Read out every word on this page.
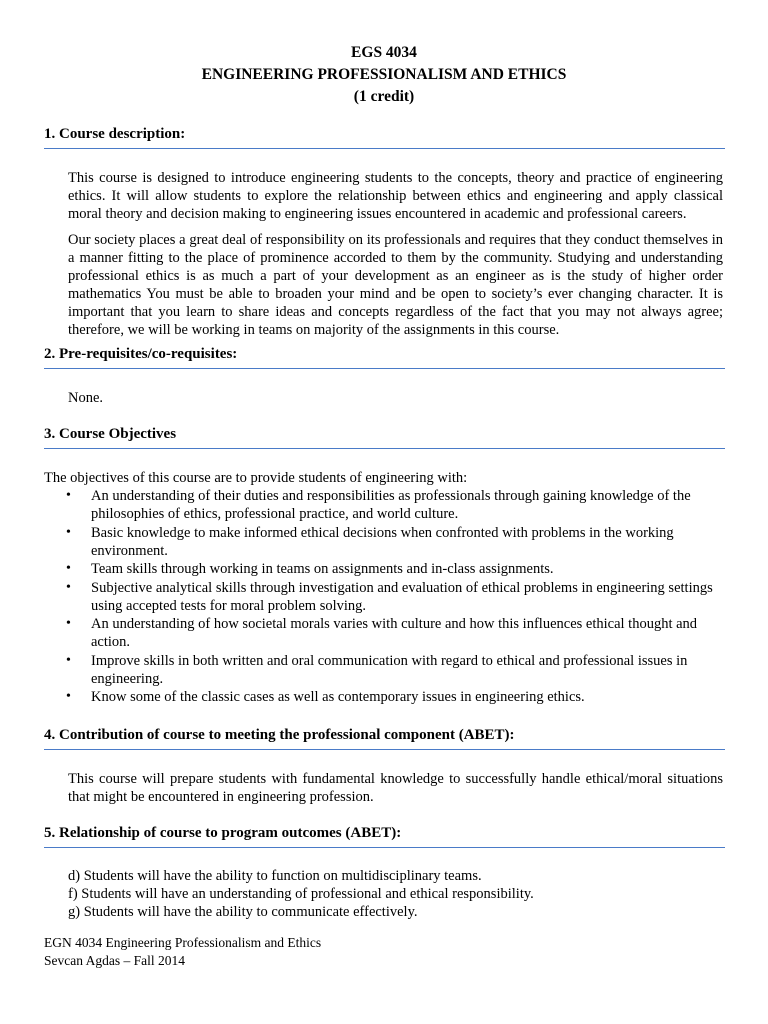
EGS 4034
ENGINEERING PROFESSIONALISM AND ETHICS
(1 credit)
1. Course description:
This course is designed to introduce engineering students to the concepts, theory and practice of engineering ethics. It will allow students to explore the relationship between ethics and engineering and apply classical moral theory and decision making to engineering issues encountered in academic and professional careers.
Our society places a great deal of responsibility on its professionals and requires that they conduct themselves in a manner fitting to the place of prominence accorded to them by the community. Studying and understanding professional ethics is as much a part of your development as an engineer as is the study of higher order mathematics You must be able to broaden your mind and be open to society’s ever changing character. It is important that you learn to share ideas and concepts regardless of the fact that you may not always agree; therefore, we will be working in teams on majority of the assignments in this course.
2. Pre-requisites/co-requisites:
None.
3. Course Objectives
The objectives of this course are to provide students of engineering with:
• An understanding of their duties and responsibilities as professionals through gaining knowledge of the philosophies of ethics, professional practice, and world culture.
• Basic knowledge to make informed ethical decisions when confronted with problems in the working environment.
• Team skills through working in teams on assignments and in-class assignments.
• Subjective analytical skills through investigation and evaluation of ethical problems in engineering settings using accepted tests for moral problem solving.
• An understanding of how societal morals varies with culture and how this influences ethical thought and action.
• Improve skills in both written and oral communication with regard to ethical and professional issues in engineering.
• Know some of the classic cases as well as contemporary issues in engineering ethics.
4. Contribution of course to meeting the professional component (ABET):
This course will prepare students with fundamental knowledge to successfully handle ethical/moral situations that might be encountered in engineering profession.
5. Relationship of course to program outcomes (ABET):
d) Students will have the ability to function on multidisciplinary teams.
f) Students will have an understanding of professional and ethical responsibility.
g) Students will have the ability to communicate effectively.
EGN 4034 Engineering Professionalism and Ethics
Sevcan Agdas – Fall 2014
